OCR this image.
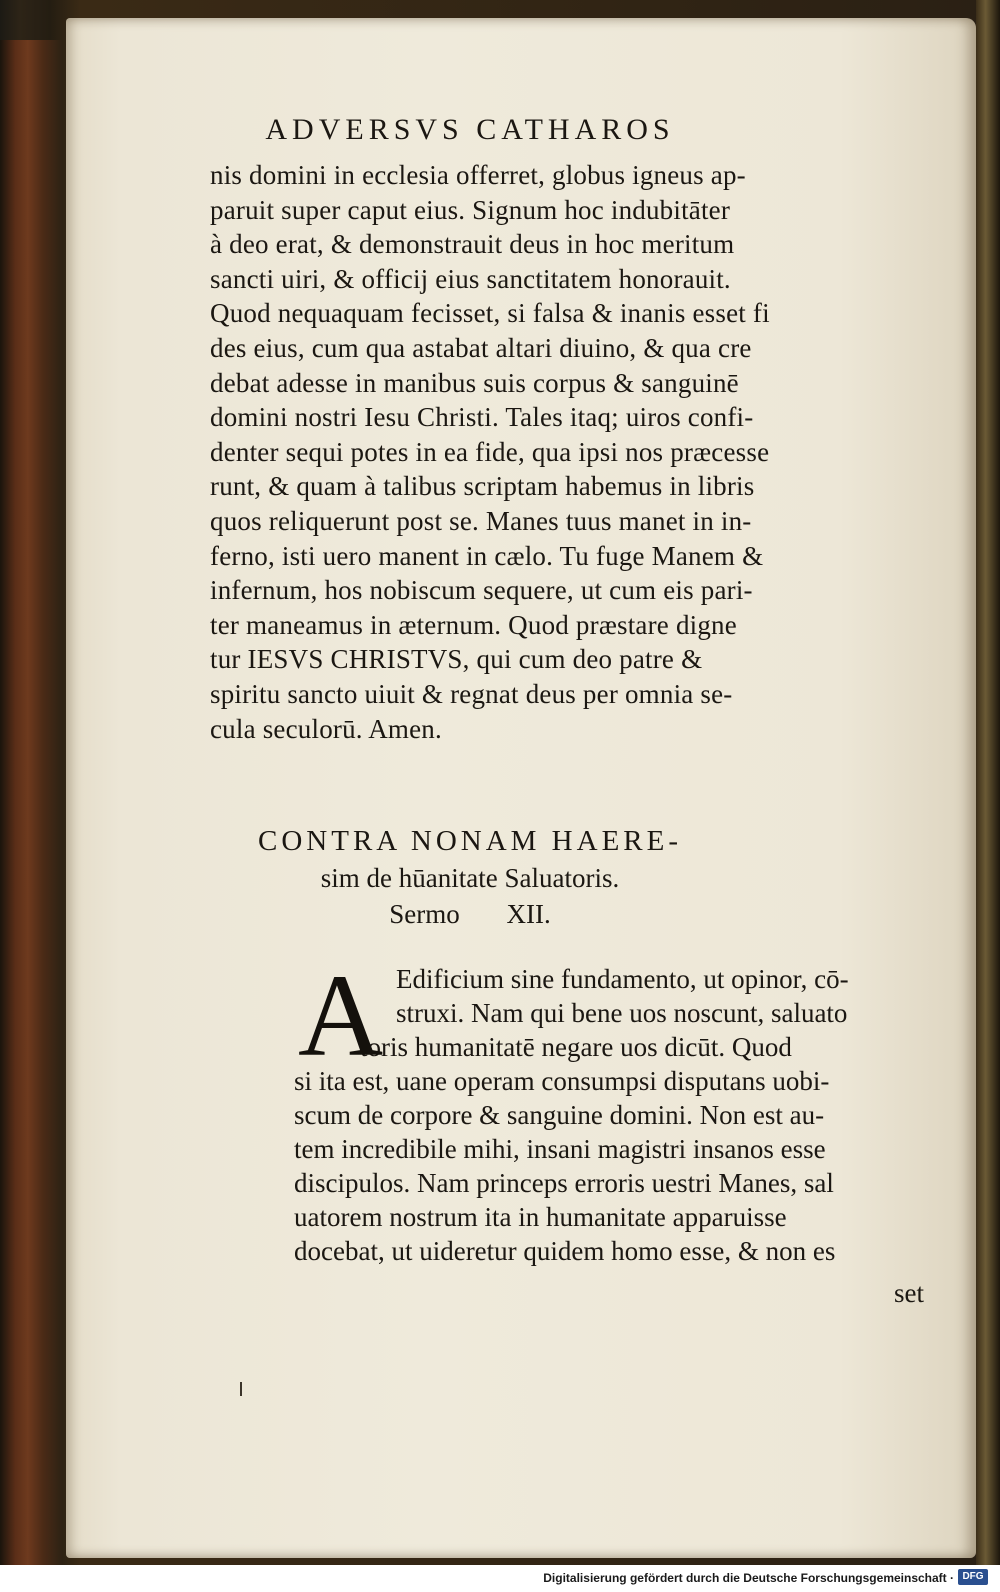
ADVERSVS CATHAROS
nis domini in ecclesia offerret, globus igneus ap-
paruit super caput eius. Signum hoc indubitāter
à deo erat, & demonstrauit deus in hoc meritum
sancti uiri, & officij eius sanctitatem honorauit.
Quod nequaquam fecisset, si falsa & inanis esset fi
des eius, cum qua astabat altari diuino, & qua cre
debat adesse in manibus suis corpus & sanguinē
domini nostri Iesu Christi. Tales itaq; uiros confi-
denter sequi potes in ea fide, qua ipsi nos præcesse
runt, & quam à talibus scriptam habemus in libris
quos reliquerunt post se. Manes tuus manet in in-
ferno, isti uero manent in cælo. Tu fuge Manem &
infernum, hos nobiscum sequere, ut cum eis pari-
ter maneamus in æternum. Quod præstare digne
tur IESVS CHRISTVS, qui cum deo patre &
spiritu sancto uiuit & regnat deus per omnia se-
cula seculorū. Amen.
CONTRA NONAM HAERE-
sim de hūanitate Saluatoris.
Sermo XII.
A Edificium sine fundamento, ut opinor, cō-
struxi. Nam qui bene uos noscunt, saluato
toris humanitatē negare uos dicūt. Quod
si ita est, uane operam consumpsi disputans uobi-
scum de corpore & sanguine domini. Non est au-
tem incredibile mihi, insani magistri insanos esse
discipulos. Nam princeps erroris uestri Manes, sal
uatorem nostrum ita in humanitate apparuisse
docebat, ut uideretur quidem homo esse, & non es
set
Digitalisierung gefördert durch die Deutsche Forschungsgemeinschaft · DFG
